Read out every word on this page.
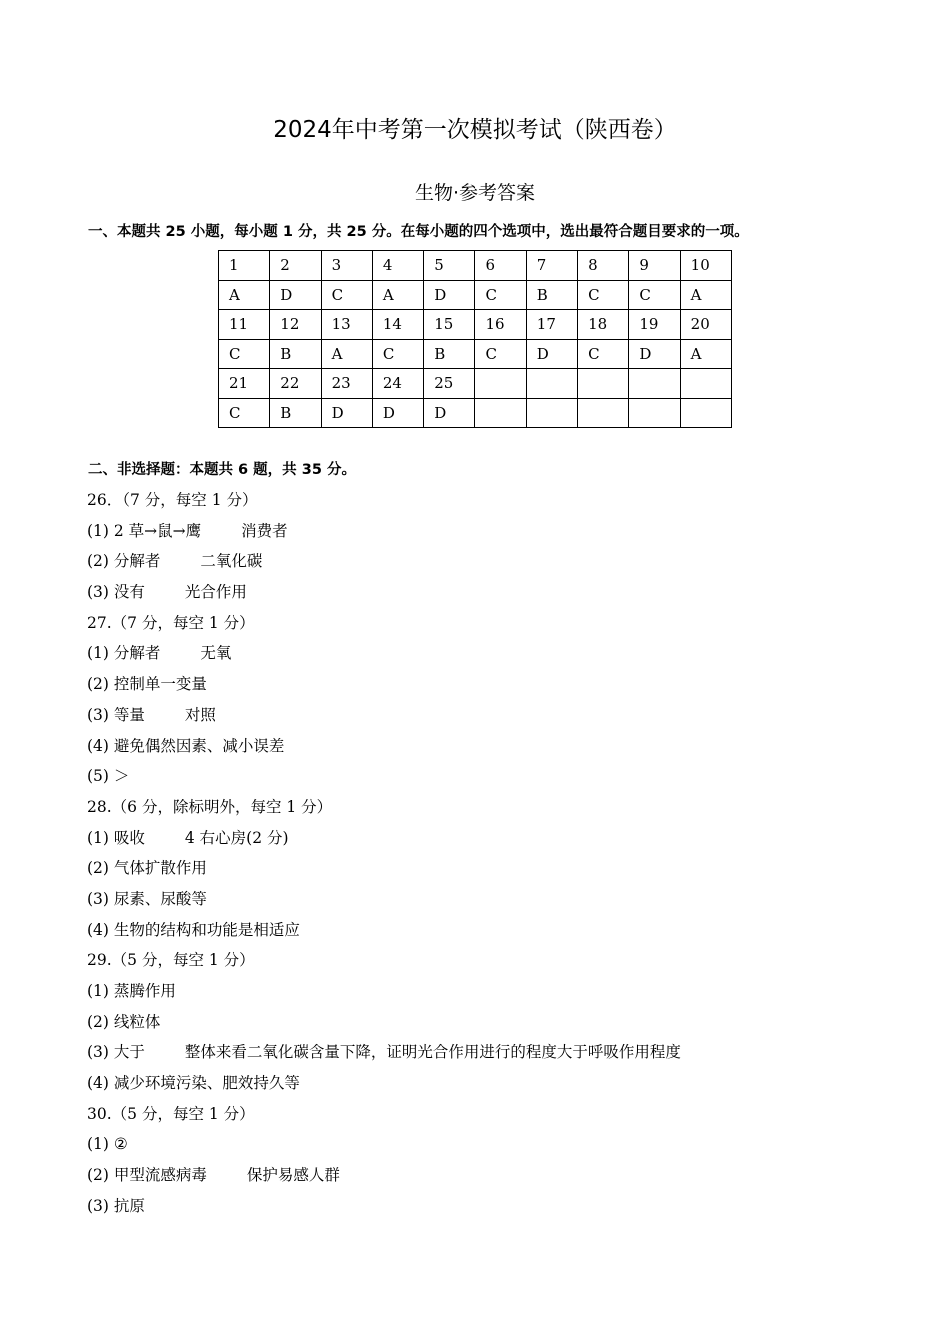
2024年中考第一次模拟考试（陕西卷）
生物·参考答案
一、本题共 25 小题，每小题 1 分，共 25 分。在每小题的四个选项中，选出最符合题目要求的一项。
1	2	3	4	5	6	7	8	9	10
A	D	C	A	D	C	B	C	C	A
11	12	13	14	15	16	17	18	19	20
C	B	A	C	B	C	D	C	D	A
21	22	23	24	25					
C	B	D	D	D					
二、非选择题：本题共 6 题，共 35 分。
26．（7 分，每空 1 分）
(1) 2 草→鼠→鹰	消费者
(2) 分解者	二氧化碳
(3) 没有	光合作用
27.（7 分，每空 1 分）
(1) 分解者	无氧
(2) 控制单一变量
(3) 等量	对照
(4) 避免偶然因素、减小误差
(5) ＞
28.（6 分，除标明外，每空 1 分）
(1) 吸收	4 右心房(2 分)
(2) 气体扩散作用
(3) 尿素、尿酸等
(4) 生物的结构和功能是相适应
29.（5 分，每空 1 分）
(1) 蒸腾作用
(2) 线粒体
(3) 大于	整体来看二氧化碳含量下降，证明光合作用进行的程度大于呼吸作用程度
(4) 减少环境污染、肥效持久等
30.（5 分，每空 1 分）
(1) ②
(2) 甲型流感病毒	保护易感人群
(3) 抗原
